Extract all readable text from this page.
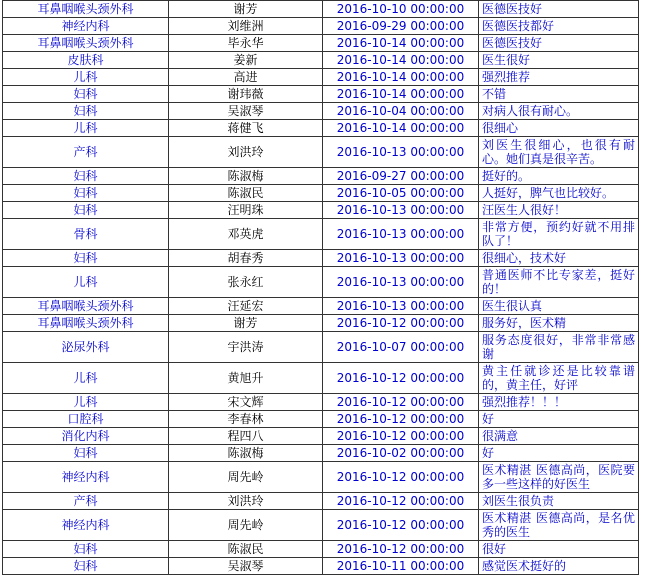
耳鼻咽喉头颈外科	谢芳	2016-10-10 00:00:00	医德医技好
神经内科	刘维洲	2016-09-29 00:00:00	医德医技都好
耳鼻咽喉头颈外科	毕永华	2016-10-14 00:00:00	医德医技好
皮肤科	姜新	2016-10-14 00:00:00	医生很好
儿科	高进	2016-10-14 00:00:00	强烈推荐
妇科	谢玮薇	2016-10-14 00:00:00	不错
妇科	吴淑琴	2016-10-04 00:00:00	对病人很有耐心。
儿科	蒋健飞	2016-10-14 00:00:00	很细心
产科	刘洪玲	2016-10-13 00:00:00	刘医生很细心，也很有耐心。她们真是很辛苦。
妇科	陈淑梅	2016-09-27 00:00:00	挺好的。
妇科	陈淑民	2016-10-05 00:00:00	人挺好，脾气也比较好。
妇科	汪明珠	2016-10-13 00:00:00	汪医生人很好！
骨科	邓英虎	2016-10-13 00:00:00	非常方便，预约好就不用排队了！
妇科	胡春秀	2016-10-13 00:00:00	很细心，技术好
儿科	张永红	2016-10-13 00:00:00	普通医师不比专家差，挺好的！
耳鼻咽喉头颈外科	汪延宏	2016-10-13 00:00:00	医生很认真
耳鼻咽喉头颈外科	谢芳	2016-10-12 00:00:00	服务好，医术精
泌尿外科	宇洪涛	2016-10-07 00:00:00	服务态度很好，非常非常感谢
儿科	黄旭升	2016-10-12 00:00:00	黄主任就诊还是比较靠谱的，黄主任，好评
儿科	宋文辉	2016-10-12 00:00:00	强烈推荐！！！
口腔科	李春林	2016-10-12 00:00:00	好
消化内科	程四八	2016-10-12 00:00:00	很满意
妇科	陈淑梅	2016-10-02 00:00:00	好
神经内科	周先岭	2016-10-12 00:00:00	医术精湛 医德高尚，医院要多一些这样的好医生
产科	刘洪玲	2016-10-12 00:00:00	刘医生很负责
神经内科	周先岭	2016-10-12 00:00:00	医术精湛 医德高尚，是名优秀的医生
妇科	陈淑民	2016-10-12 00:00:00	很好
妇科	吴淑琴	2016-10-11 00:00:00	感觉医术挺好的
